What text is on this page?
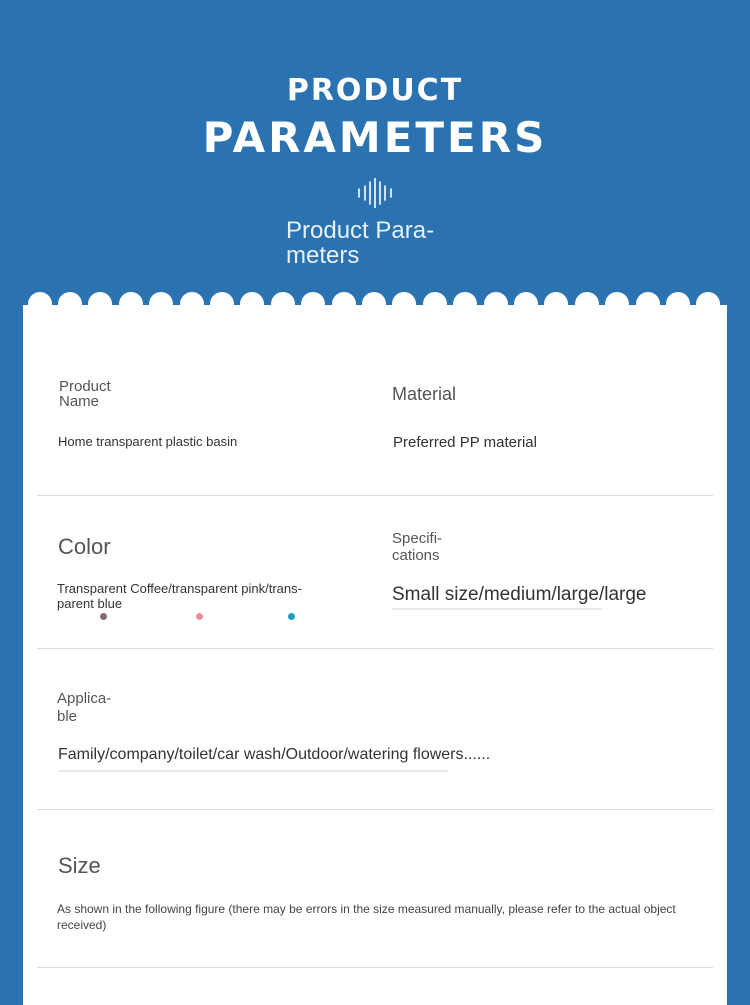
PRODUCT
PARAMETERS
Product Para-meters
Product Name
Home transparent plastic basin
Material
Preferred PP material
Color
Transparent Coffee/transparent pink/trans-parent blue
Specifi-cations
Small size/medium/large/large
Applica-ble
Family/company/toilet/car wash/Outdoor/watering flowers......
Size
As shown in the following figure (there may be errors in the size measured manually, please refer to the actual object received)
